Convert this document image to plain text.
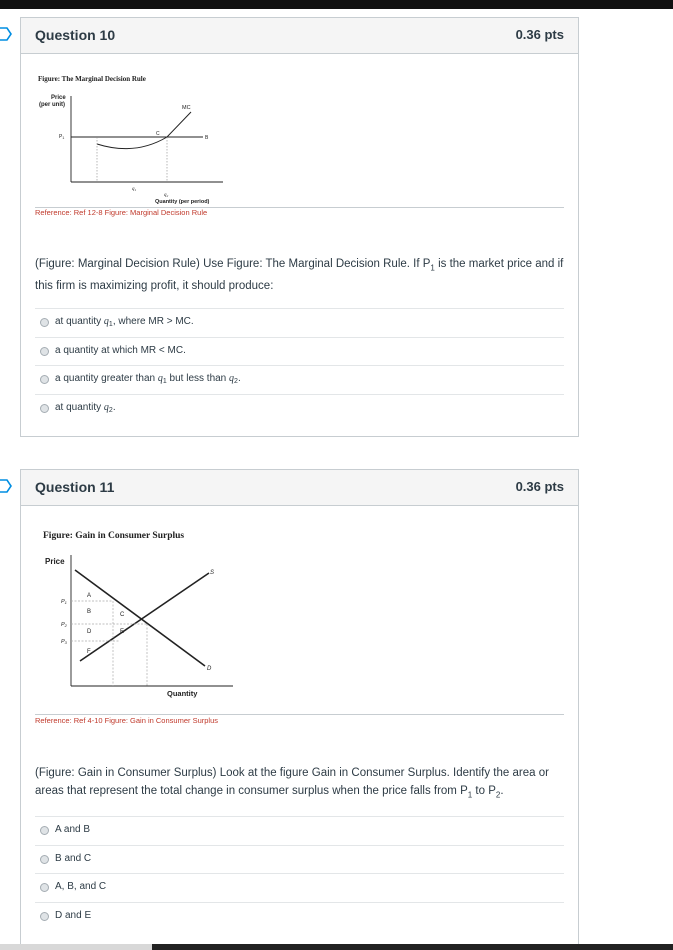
Question 10	0.36 pts
Figure: The Marginal Decision Rule
Price
(per unit)	MC
$P_1$
C
B
$q_1$
$q_2$
Quantity (per period)
Reference: Ref 12-8 Figure: Marginal Decision Rule
(Figure: Marginal Decision Rule) Use Figure: The Marginal Decision Rule. If $P_1$ is the market price and if this firm is maximizing profit, it should produce:
at quantity $q_1$, where MR > MC.
a quantity at which MR < MC.
a quantity greater than $q_1$ but less than $q_2$.
at quantity $q_2$.
Question 11	0.36 pts
Figure: Gain in Consumer Surplus
Price
P1
P2
P3
A
B	C
D	E
F
S
D
Quantity
Reference: Ref 4-10 Figure: Gain in Consumer Surplus
(Figure: Gain in Consumer Surplus) Look at the figure Gain in Consumer Surplus. Identify the area or areas that represent the total change in consumer surplus when the price falls from $P_1$ to $P_2$.
A and B
B and C
A, B, and C
D and E
